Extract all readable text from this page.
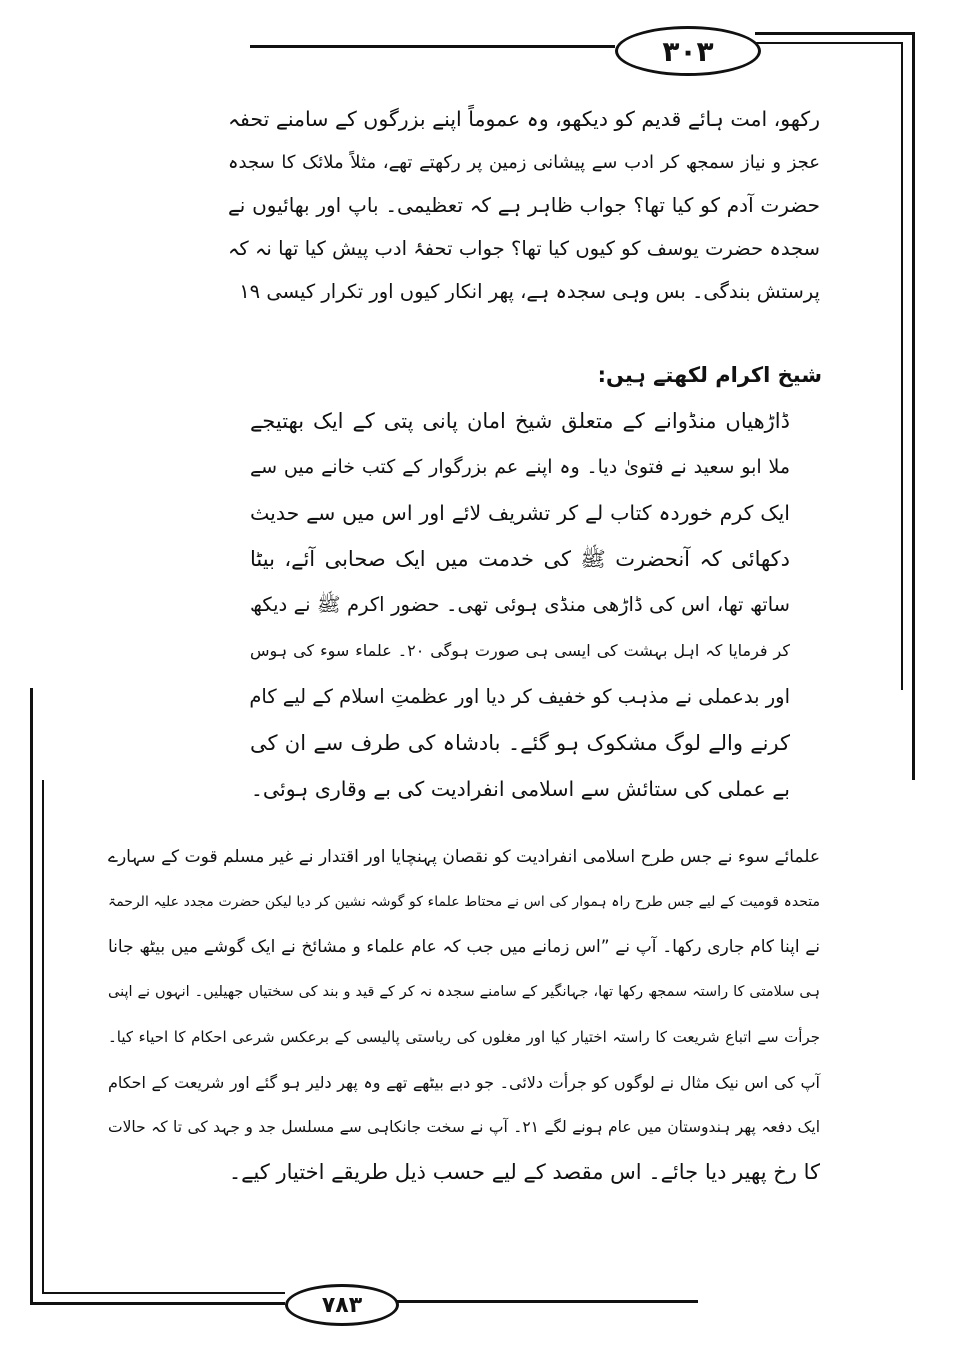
۳۰۳
۷۸۳
رکھو، امت ہائے قدیم کو دیکھو، وہ عموماً اپنے بزرگوں کے سامنے تحفہ
عجز و نیاز سمجھ کر ادب سے پیشانی زمین پر رکھتے تھے، مثلاً ملائک کا سجدہ
حضرت آدم کو کیا تھا؟ جواب ظاہر ہے کہ تعظیمی۔ باپ اور بھائیوں نے
سجدہ حضرت یوسف کو کیوں کیا تھا؟ جواب تحفۂ ادب پیش کیا تھا نہ کہ
پرستش بندگی۔ بس وہی سجدہ ہے، پھر انکار کیوں اور تکرار کیسی ۱۹
شیخ اکرام لکھتے ہیں:
ڈاڑھیاں منڈوانے کے متعلق شیخ امان پانی پتی کے ایک بھتیجے
ملا ابو سعید نے فتویٰ دیا۔ وہ اپنے عم بزرگوار کے کتب خانے میں سے
ایک کرم خوردہ کتاب لے کر تشریف لائے اور اس میں سے حدیث
دکھائی کہ آنحضرت ﷺ کی خدمت میں ایک صحابی آئے، بیٹا
ساتھ تھا، اس کی ڈاڑھی منڈی ہوئی تھی۔ حضور اکرم ﷺ نے دیکھ
کر فرمایا کہ اہل بہشت کی ایسی ہی صورت ہوگی ۲۰۔ علماء سوء کی ہوس
اور بدعملی نے مذہب کو خفیف کر دیا اور عظمتِ اسلام کے لیے کام
کرنے والے لوگ مشکوک ہو گئے۔ بادشاہ کی طرف سے ان کی
بے عملی کی ستائش سے اسلامی انفرادیت کی بے وقاری ہوئی۔
علمائے سوء نے جس طرح اسلامی انفرادیت کو نقصان پہنچایا اور اقتدار نے غیر مسلم قوت کے سہارے
متحدہ قومیت کے لیے جس طرح راہ ہموار کی اس نے محتاط علماء کو گوشہ نشین کر دیا لیکن حضرت مجدد علیہ الرحمۃ
نے اپنا کام جاری رکھا۔ آپ نے ”اس زمانے میں جب کہ عام علماء و مشائخ نے ایک گوشے میں بیٹھ جانا
ہی سلامتی کا راستہ سمجھ رکھا تھا، جہانگیر کے سامنے سجدہ نہ کر کے قید و بند کی سختیاں جھیلیں۔ انہوں نے اپنی
جرأت سے اتباع شریعت کا راستہ اختیار کیا اور مغلوں کی ریاستی پالیسی کے برعکس شرعی احکام کا احیاء کیا۔
آپ کی اس نیک مثال نے لوگوں کو جرأت دلائی۔ جو دبے بیٹھے تھے وہ پھر دلیر ہو گئے اور شریعت کے احکام
ایک دفعہ پھر ہندوستان میں عام ہونے لگے ۲۱۔ آپ نے سخت جانکاہی سے مسلسل جد و جہد کی تا کہ حالات
کا رخ پھیر دیا جائے۔ اس مقصد کے لیے حسب ذیل طریقے اختیار کیے۔
